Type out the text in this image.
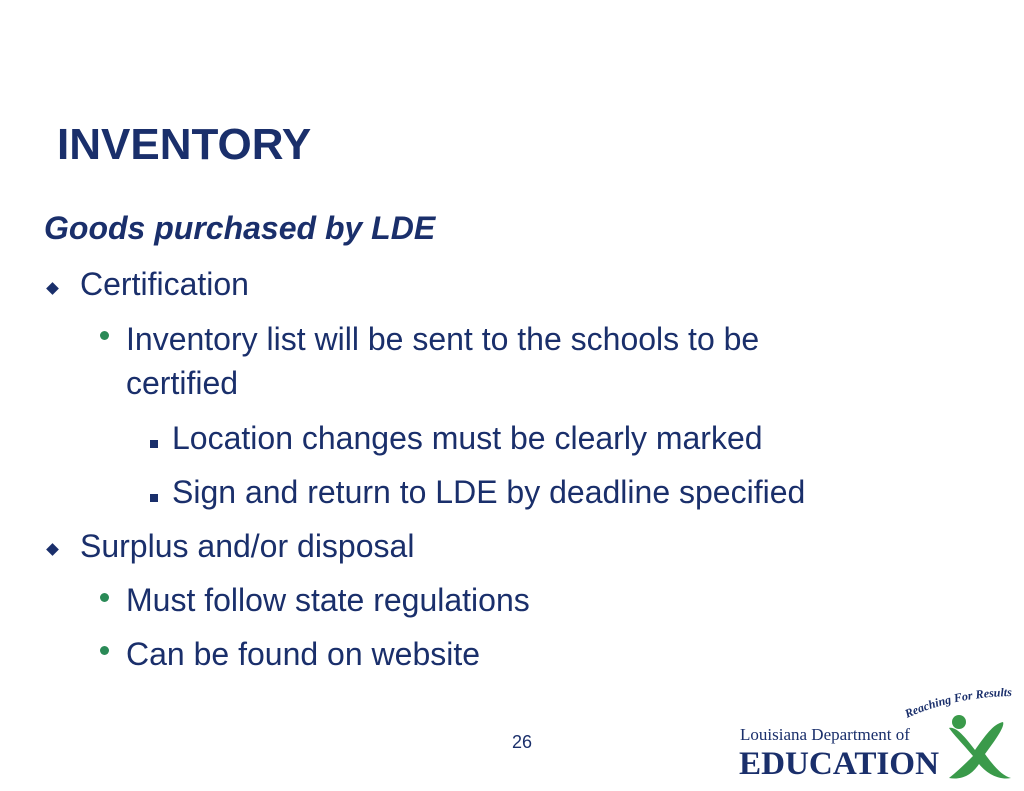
INVENTORY
Goods purchased by LDE
Certification
Inventory list will be sent to the schools to be
certified
Location changes must be clearly marked
Sign and return to LDE by deadline specified
Surplus and/or disposal
Must follow state regulations
Can be found on website
26
Reaching For Results
Louisiana Department of
EDUCATION
